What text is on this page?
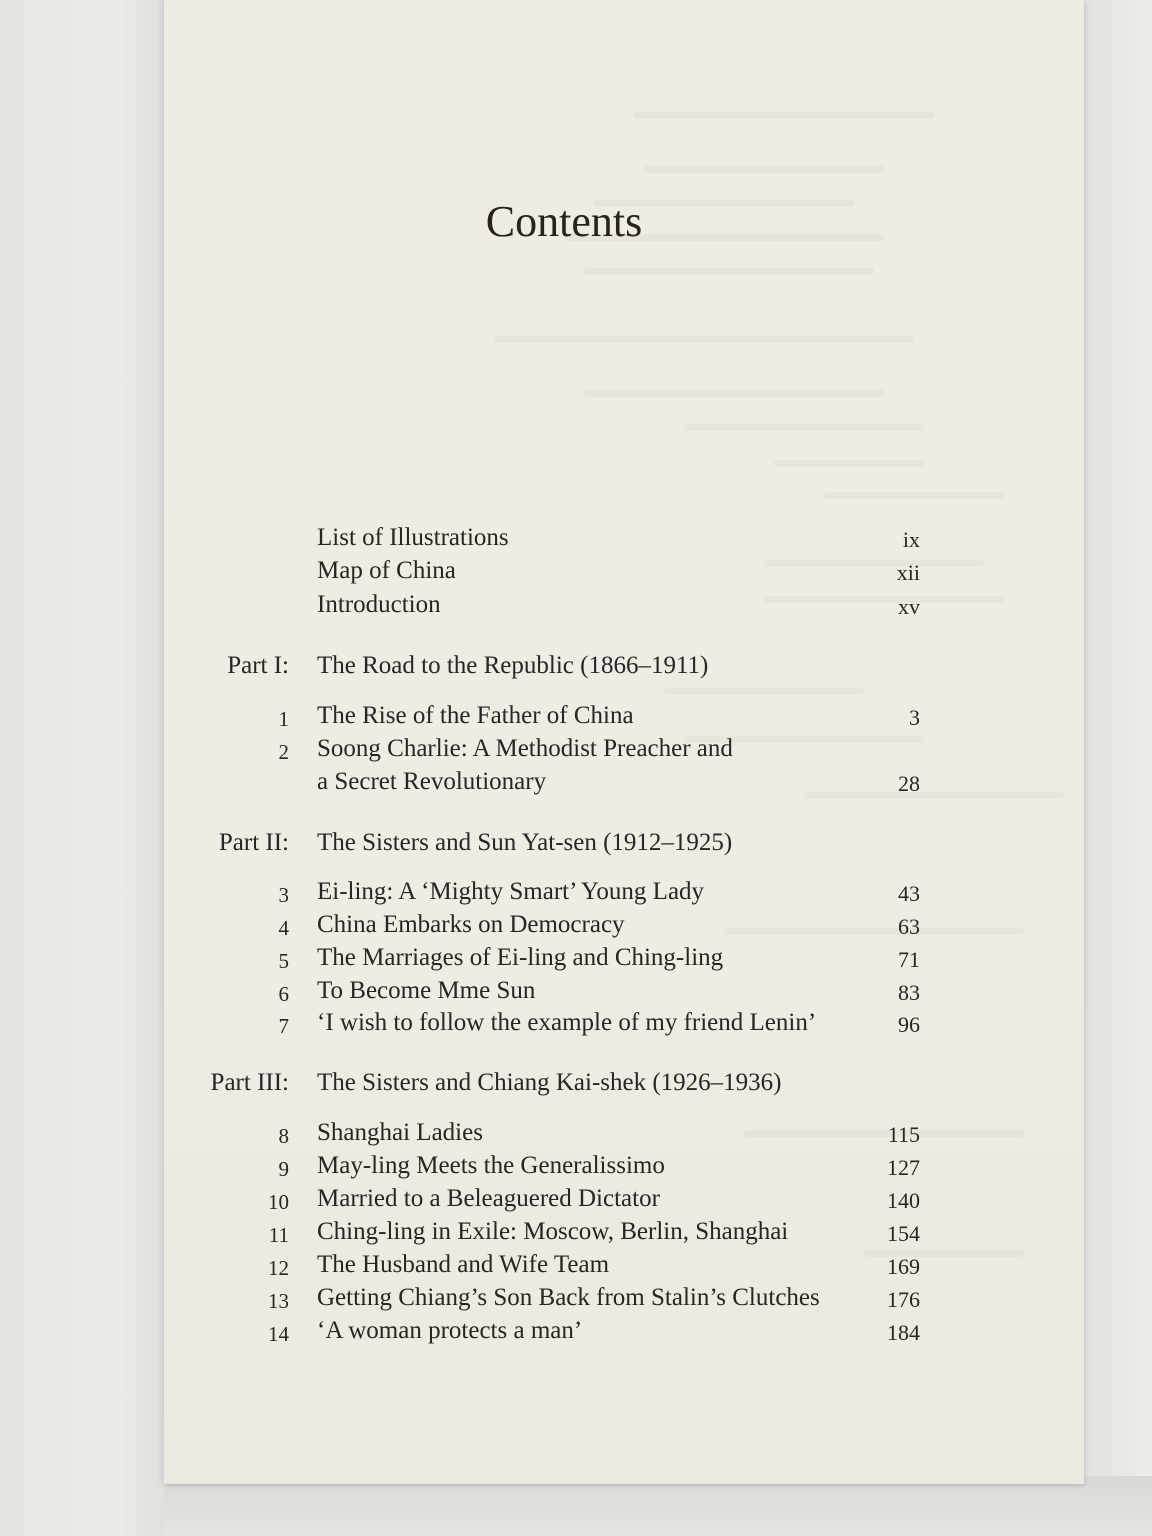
Contents
List of Illustrations	ix
Map of China	xii
Introduction	xv
Part I: The Road to the Republic (1866–1911)
1 The Rise of the Father of China	3
2 Soong Charlie: A Methodist Preacher and
a Secret Revolutionary	28
Part II: The Sisters and Sun Yat-sen (1912–1925)
3 Ei-ling: A ‘Mighty Smart’ Young Lady	43
4 China Embarks on Democracy	63
5 The Marriages of Ei-ling and Ching-ling	71
6 To Become Mme Sun	83
7 ‘I wish to follow the example of my friend Lenin’	96
Part III: The Sisters and Chiang Kai-shek (1926–1936)
8 Shanghai Ladies	115
9 May-ling Meets the Generalissimo	127
10 Married to a Beleaguered Dictator	140
11 Ching-ling in Exile: Moscow, Berlin, Shanghai	154
12 The Husband and Wife Team	169
13 Getting Chiang’s Son Back from Stalin’s Clutches	176
14 ‘A woman protects a man’	184
